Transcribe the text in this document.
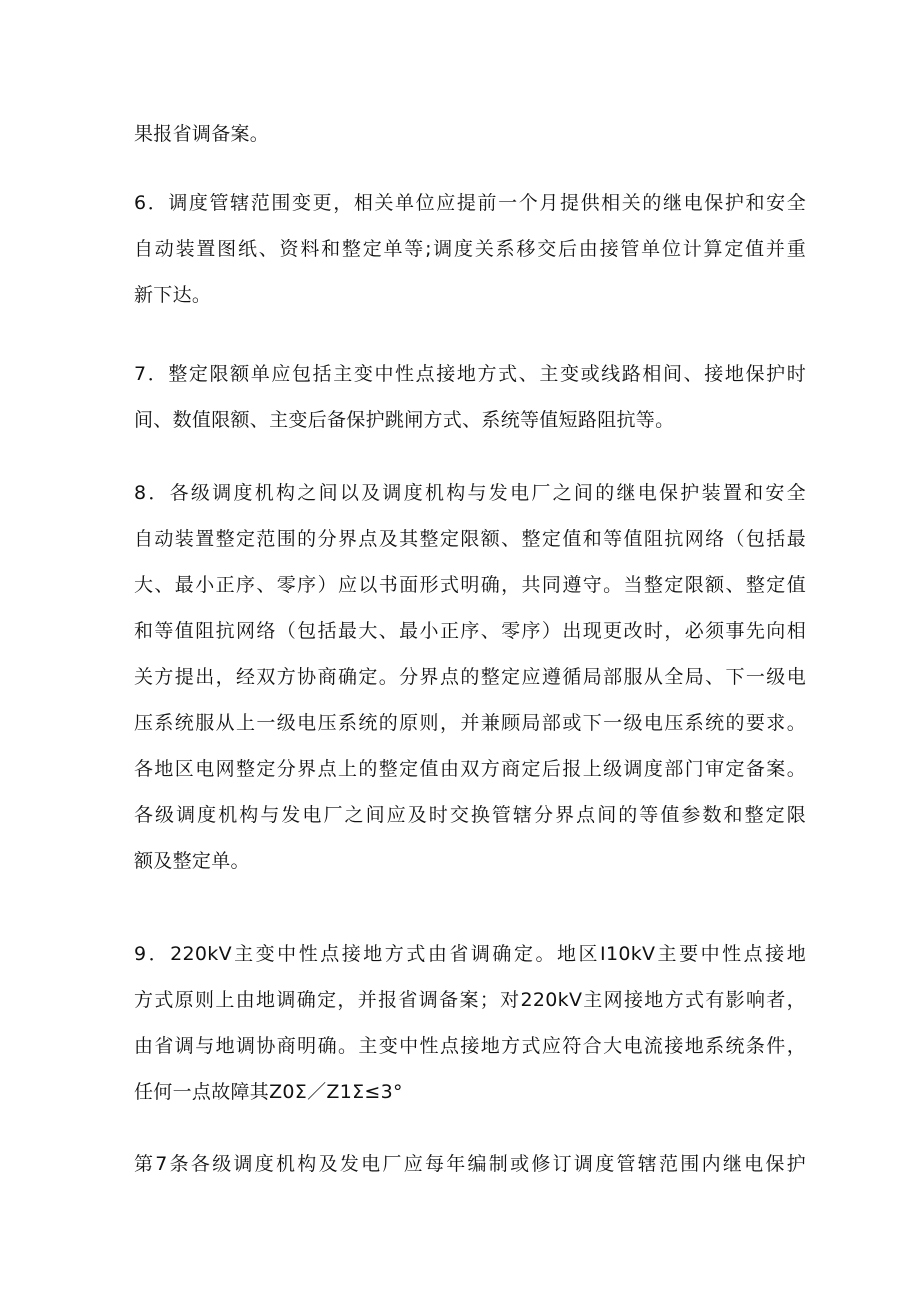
果报省调备案。
6．调度管辖范围变更，相关单位应提前一个月提供相关的继电保护和安全
自动装置图纸、资料和整定单等;调度关系移交后由接管单位计算定值并重
新下达。
7．整定限额单应包括主变中性点接地方式、主变或线路相间、接地保护时
间、数值限额、主变后备保护跳闸方式、系统等值短路阻抗等。
8．各级调度机构之间以及调度机构与发电厂之间的继电保护装置和安全
自动装置整定范围的分界点及其整定限额、整定值和等值阻抗网络（包括最
大、最小正序、零序）应以书面形式明确，共同遵守。当整定限额、整定值
和等值阻抗网络（包括最大、最小正序、零序）出现更改时，必须事先向相
关方提出，经双方协商确定。分界点的整定应遵循局部服从全局、下一级电
压系统服从上一级电压系统的原则，并兼顾局部或下一级电压系统的要求。
各地区电网整定分界点上的整定值由双方商定后报上级调度部门审定备案。
各级调度机构与发电厂之间应及时交换管辖分界点间的等值参数和整定限
额及整定单。
9．220kV主变中性点接地方式由省调确定。地区I10kV主要中性点接地
方式原则上由地调确定，并报省调备案；对220kV主网接地方式有影响者，
由省调与地调协商明确。主变中性点接地方式应符合大电流接地系统条件，
任何一点故障其Z0Σ／Z1Σ≤3°
第7条各级调度机构及发电厂应每年编制或修订调度管辖范围内继电保护
